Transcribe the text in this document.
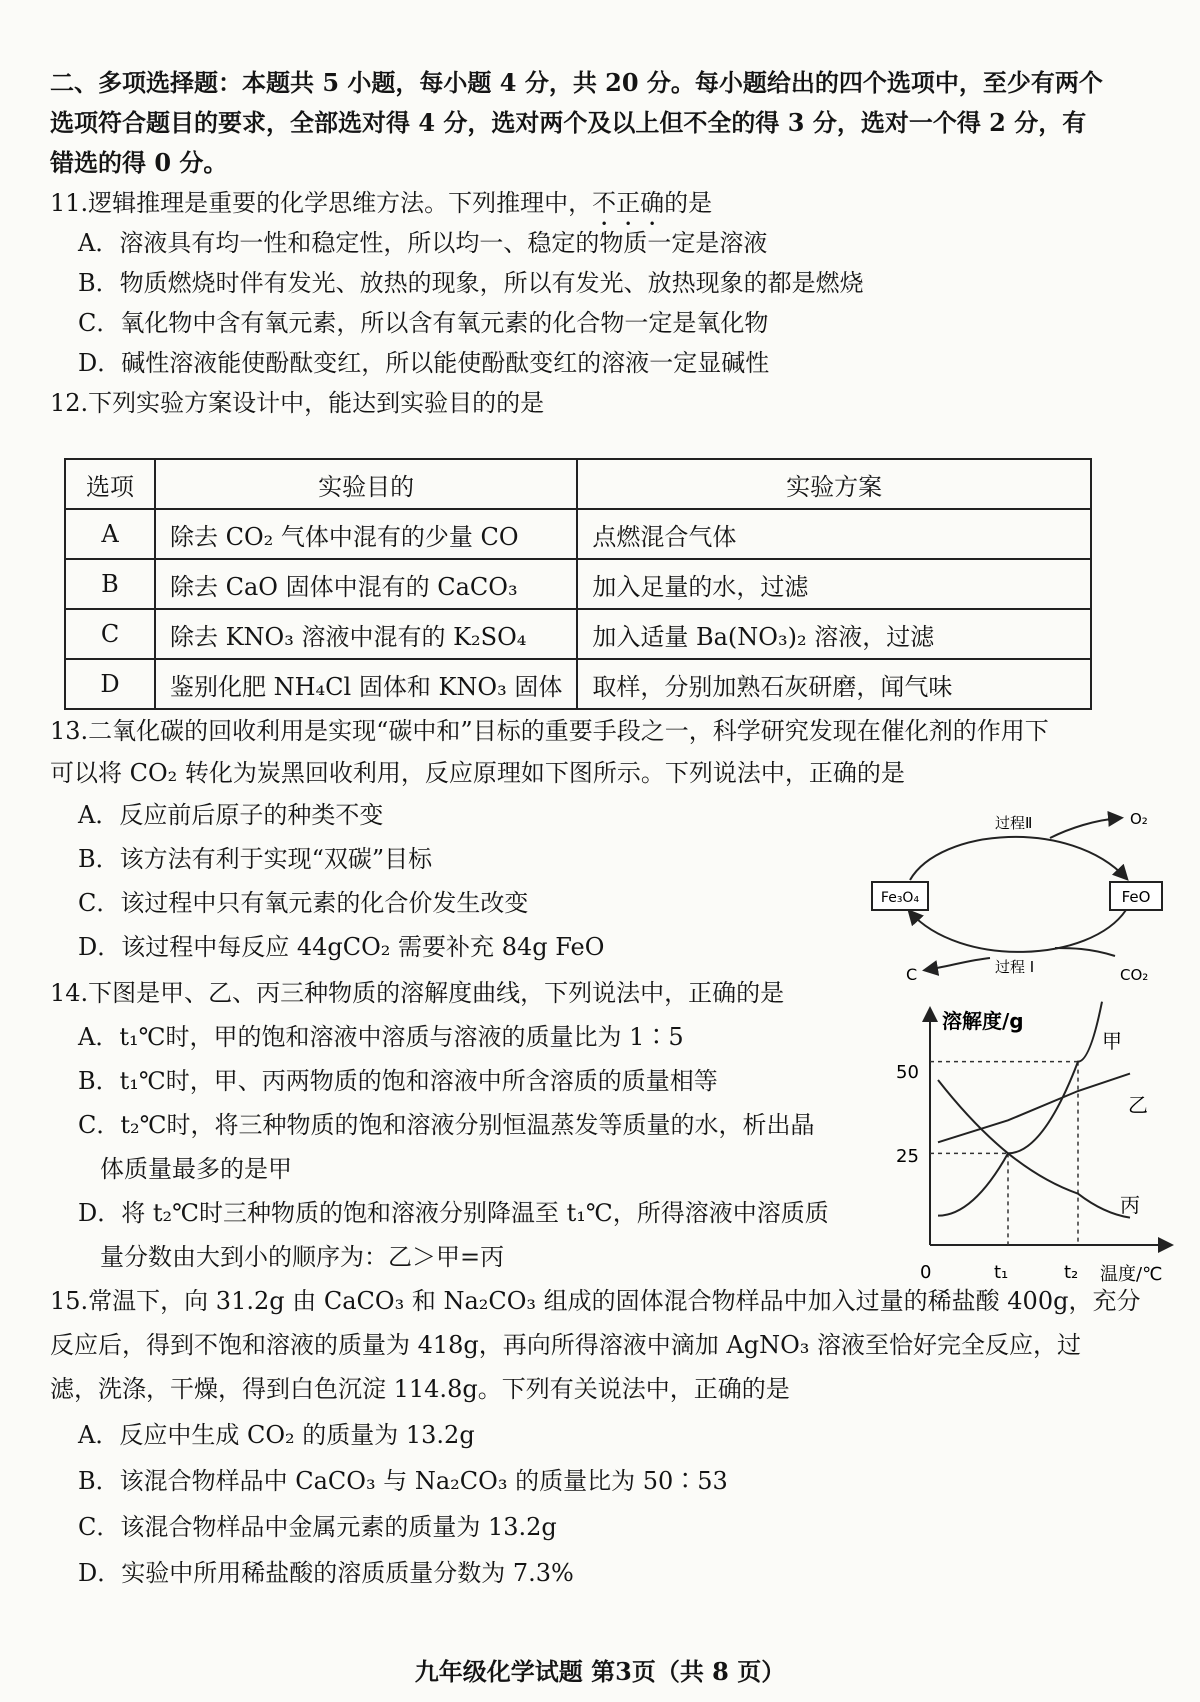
二、多项选择题：本题共 5 小题，每小题 4 分，共 20 分。每小题给出的四个选项中，至少有两个
选项符合题目的要求，全部选对得 4 分，选对两个及以上但不全的得 3 分，选对一个得 2 分，有
错选的得 0 分。
11.逻辑推理是重要的化学思维方法。下列推理中，不正确的是
A．溶液具有均一性和稳定性，所以均一、稳定的物质一定是溶液
B．物质燃烧时伴有发光、放热的现象，所以有发光、放热现象的都是燃烧
C．氧化物中含有氧元素，所以含有氧元素的化合物一定是氧化物
D．碱性溶液能使酚酞变红，所以能使酚酞变红的溶液一定显碱性
12.下列实验方案设计中，能达到实验目的的是
选项	实验目的	实验方案
A	除去 CO₂ 气体中混有的少量 CO	点燃混合气体
B	除去 CaO 固体中混有的 CaCO₃	加入足量的水，过滤
C	除去 KNO₃ 溶液中混有的 K₂SO₄	加入适量 Ba(NO₃)₂ 溶液，过滤
D	鉴别化肥 NH₄Cl 固体和 KNO₃ 固体	取样，分别加熟石灰研磨，闻气味
13.二氧化碳的回收利用是实现“碳中和”目标的重要手段之一，科学研究发现在催化剂的作用下
可以将 CO₂ 转化为炭黑回收利用，反应原理如下图所示。下列说法中，正确的是
A．反应前后原子的种类不变
B．该方法有利于实现“双碳”目标
C．该过程中只有氧元素的化合价发生改变
D．该过程中每反应 44gCO₂ 需要补充 84g FeO
Fe₃O₄	FeO
过程Ⅱ	O₂
过程 I	CO₂
C
14.下图是甲、乙、丙三种物质的溶解度曲线，下列说法中，正确的是
A．t₁℃时，甲的饱和溶液中溶质与溶液的质量比为 1∶5
B．t₁℃时，甲、丙两物质的饱和溶液中所含溶质的质量相等
C．t₂℃时，将三种物质的饱和溶液分别恒温蒸发等质量的水，析出晶
体质量最多的是甲
D．将 t₂℃时三种物质的饱和溶液分别降温至 t₁℃，所得溶液中溶质质
量分数由大到小的顺序为：乙＞甲=丙
溶解度/g
温度/℃
0	t₁	t₂
50
25
甲
乙
丙
15.常温下，向 31.2g 由 CaCO₃ 和 Na₂CO₃ 组成的固体混合物样品中加入过量的稀盐酸 400g，充分
反应后，得到不饱和溶液的质量为 418g，再向所得溶液中滴加 AgNO₃ 溶液至恰好完全反应，过
滤，洗涤，干燥，得到白色沉淀 114.8g。下列有关说法中，正确的是
A．反应中生成 CO₂ 的质量为 13.2g
B．该混合物样品中 CaCO₃ 与 Na₂CO₃ 的质量比为 50∶53
C．该混合物样品中金属元素的质量为 13.2g
D．实验中所用稀盐酸的溶质质量分数为 7.3%
九年级化学试题 第3页（共 8 页）
